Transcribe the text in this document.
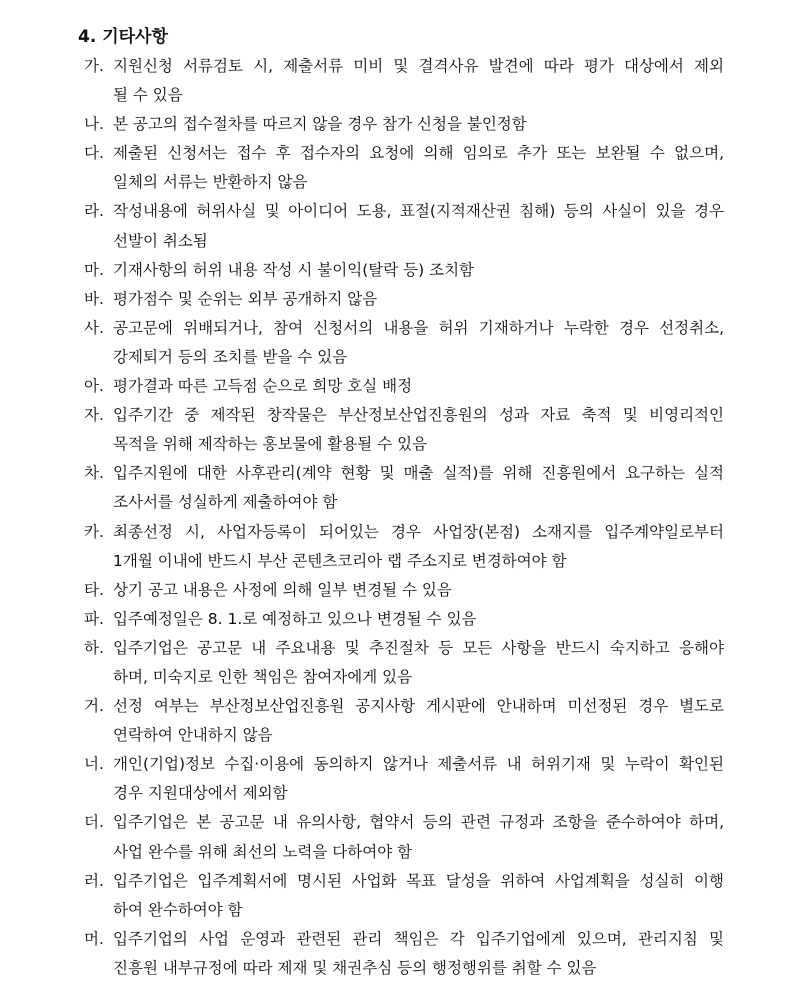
4. 기타사항
가. 지원신청 서류검토 시, 제출서류 미비 및 결격사유 발견에 따라 평가 대상에서 제외
될 수 있음
나. 본 공고의 접수절차를 따르지 않을 경우 참가 신청을 불인정함
다. 제출된 신청서는 접수 후 접수자의 요청에 의해 임의로 추가 또는 보완될 수 없으며,
일체의 서류는 반환하지 않음
라. 작성내용에 허위사실 및 아이디어 도용, 표절(지적재산권 침해) 등의 사실이 있을 경우
선발이 취소됨
마. 기재사항의 허위 내용 작성 시 불이익(탈락 등) 조치함
바. 평가점수 및 순위는 외부 공개하지 않음
사. 공고문에 위배되거나, 참여 신청서의 내용을 허위 기재하거나 누락한 경우 선정취소,
강제퇴거 등의 조치를 받을 수 있음
아. 평가결과 따른 고득점 순으로 희망 호실 배정
자. 입주기간 중 제작된 창작물은 부산정보산업진흥원의 성과 자료 축적 및 비영리적인
목적을 위해 제작하는 홍보물에 활용될 수 있음
차. 입주지원에 대한 사후관리(계약 현황 및 매출 실적)를 위해 진흥원에서 요구하는 실적
조사서를 성실하게 제출하여야 함
카. 최종선정 시, 사업자등록이 되어있는 경우 사업장(본점) 소재지를 입주계약일로부터
1개월 이내에 반드시 부산 콘텐츠코리아 랩 주소지로 변경하여야 함
타. 상기 공고 내용은 사정에 의해 일부 변경될 수 있음
파. 입주예정일은 8. 1.로 예정하고 있으나 변경될 수 있음
하. 입주기업은 공고문 내 주요내용 및 추진절차 등 모든 사항을 반드시 숙지하고 응해야
하며, 미숙지로 인한 책임은 참여자에게 있음
거. 선정 여부는 부산정보산업진흥원 공지사항 게시판에 안내하며 미선정된 경우 별도로
연락하여 안내하지 않음
너. 개인(기업)정보 수집·이용에 동의하지 않거나 제출서류 내 허위기재 및 누락이 확인된
경우 지원대상에서 제외함
더. 입주기업은 본 공고문 내 유의사항, 협약서 등의 관련 규정과 조항을 준수하여야 하며,
사업 완수를 위해 최선의 노력을 다하여야 함
러. 입주기업은 입주계획서에 명시된 사업화 목표 달성을 위하여 사업계획을 성실히 이행
하여 완수하여야 함
머. 입주기업의 사업 운영과 관련된 관리 책임은 각 입주기업에게 있으며, 관리지침 및
진흥원 내부규정에 따라 제재 및 채권추심 등의 행정행위를 취할 수 있음
